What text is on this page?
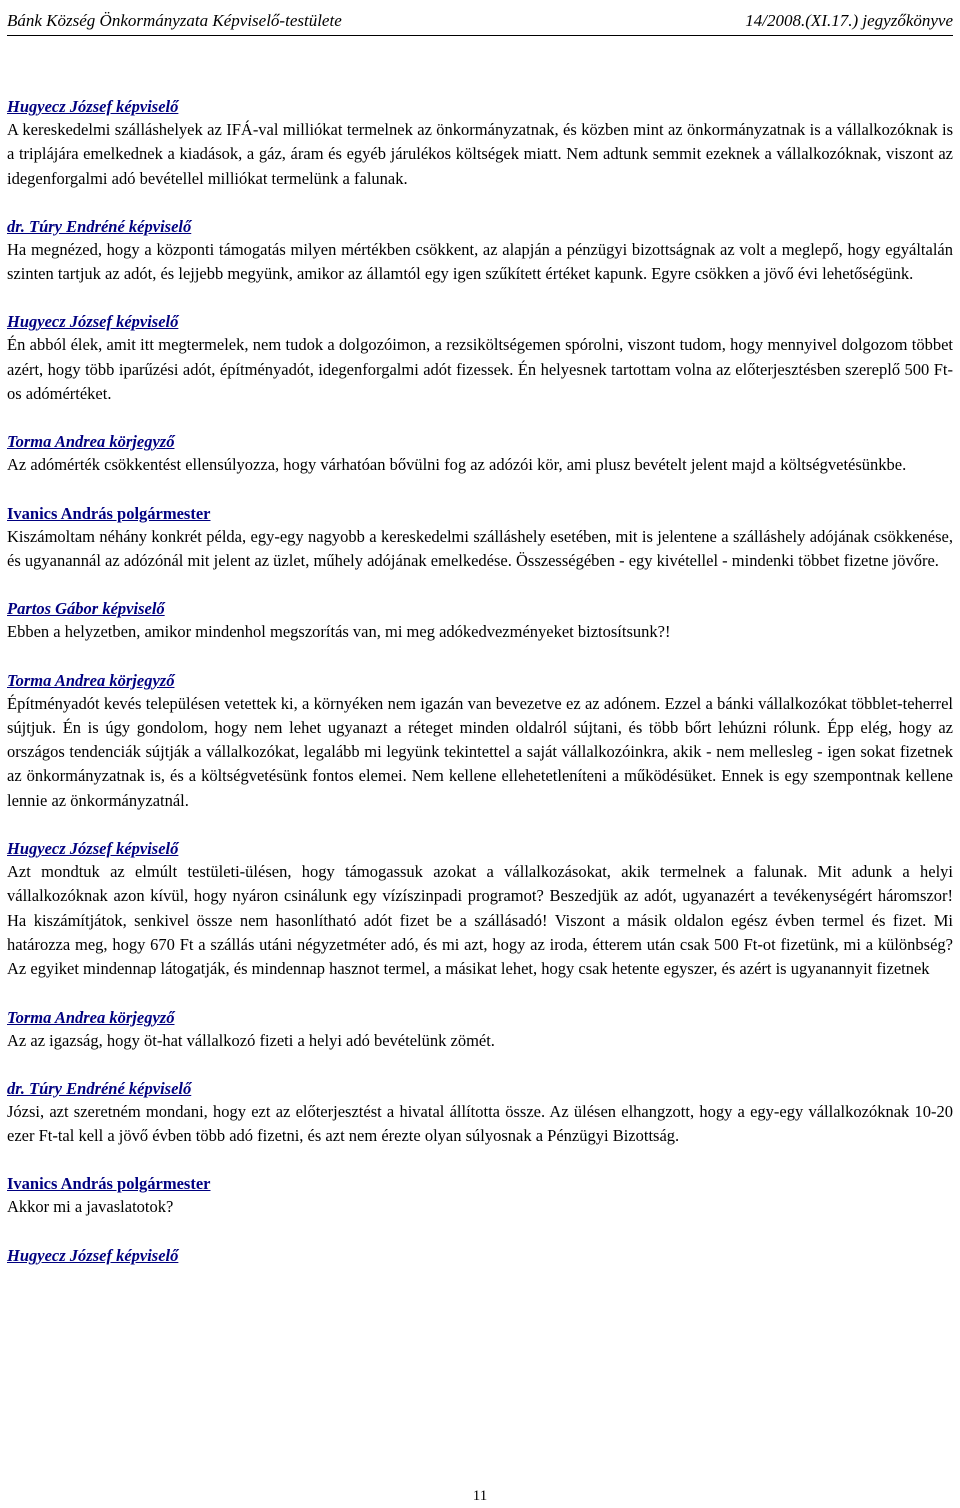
Bánk Község Önkormányzata Képviselő-testülete	14/2008.(XI.17.) jegyzőkönyve
Hugyecz József képviselő
A kereskedelmi szálláshelyek az IFÁ-val milliókat termelnek az önkormányzatnak, és közben mint az önkormányzatnak is a vállalkozóknak is a triplájára emelkednek a kiadások, a gáz, áram és egyéb járulékos költségek miatt. Nem adtunk semmit ezeknek a vállalkozóknak, viszont az idegenforgalmi adó bevétellel milliókat termelünk a falunak.
dr. Túry Endréné képviselő
Ha megnézed, hogy a központi támogatás milyen mértékben csökkent, az alapján a pénzügyi bizottságnak az volt a meglepő, hogy egyáltalán szinten tartjuk az adót, és lejjebb megyünk, amikor az államtól egy igen szűkített értéket kapunk. Egyre csökken a jövő évi lehetőségünk.
Hugyecz József képviselő
Én abból élek, amit itt megtermelek, nem tudok a dolgozóimon, a rezsiköltségemen spórolni, viszont tudom, hogy mennyivel dolgozom többet azért, hogy több iparűzési adót, építményadót, idegenforgalmi adót fizessek. Én helyesnek tartottam volna az előterjesztésben szereplő 500 Ft-os adómértéket.
Torma Andrea körjegyző
Az adómérték csökkentést ellensúlyozza, hogy várhatóan bővülni fog az adózói kör, ami plusz bevételt jelent majd a költségvetésünkbe.
Ivanics András polgármester
Kiszámoltam néhány konkrét példa, egy-egy nagyobb a kereskedelmi szálláshely esetében, mit is jelentene a szálláshely adójának csökkenése, és ugyanannál az adózónál mit jelent az üzlet, műhely adójának emelkedése. Összességében - egy kivétellel - mindenki többet fizetne jövőre.
Partos Gábor képviselő
Ebben a helyzetben, amikor mindenhol megszorítás van, mi meg adókedvezményeket biztosítsunk?!
Torma Andrea körjegyző
Építményadót kevés településen vetettek ki, a környéken nem igazán van bevezetve ez az adónem. Ezzel a bánki vállalkozókat többlet-teherrel sújtjuk. Én is úgy gondolom, hogy nem lehet ugyanazt a réteget minden oldalról sújtani, és több bőrt lehúzni rólunk. Épp elég, hogy az országos tendenciák sújtják a vállalkozókat, legalább mi legyünk tekintettel a saját vállalkozóinkra, akik - nem mellesleg - igen sokat fizetnek az önkormányzatnak is, és a költségvetésünk fontos elemei. Nem kellene ellehetetleníteni a működésüket. Ennek is egy szempontnak kellene lennie az önkormányzatnál.
Hugyecz József képviselő
Azt mondtuk az elmúlt testületi-ülésen, hogy támogassuk azokat a vállalkozásokat, akik termelnek a falunak. Mit adunk a helyi vállalkozóknak azon kívül, hogy nyáron csinálunk egy vízíszinpadi programot? Beszedjük az adót, ugyanazért a tevékenységért háromszor! Ha kiszámítjátok, senkivel össze nem hasonlítható adót fizet be a szállásadó! Viszont a másik oldalon egész évben termel és fizet. Mi határozza meg, hogy 670 Ft a szállás utáni négyzetméter adó, és mi azt, hogy az iroda, étterem után csak 500 Ft-ot fizetünk, mi a különbség? Az egyiket mindennap látogatják, és mindennap hasznot termel, a másikat lehet, hogy csak hetente egyszer, és azért is ugyanannyit fizetnek
Torma Andrea körjegyző
Az az igazság, hogy öt-hat vállalkozó fizeti a helyi adó bevételünk zömét.
dr. Túry Endréné képviselő
Józsi, azt szeretném mondani, hogy ezt az előterjesztést a hivatal állította össze. Az ülésen elhangzott, hogy a egy-egy vállalkozóknak 10-20 ezer Ft-tal kell a jövő évben több adó fizetni, és azt nem érezte olyan súlyosnak a Pénzügyi Bizottság.
Ivanics András polgármester
Akkor mi a javaslatotok?
Hugyecz József képviselő
11
